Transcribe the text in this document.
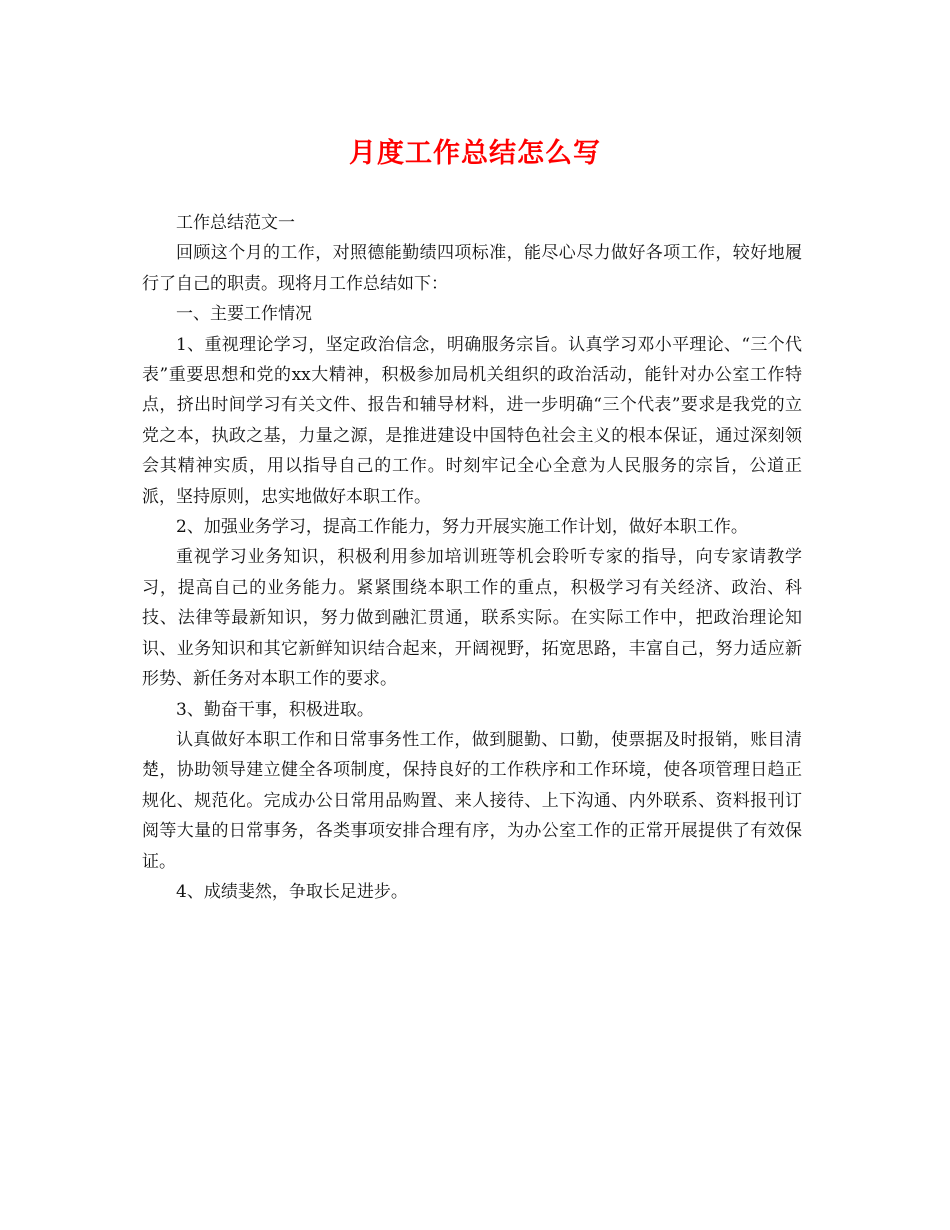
月度工作总结怎么写

工作总结范文一

回顾这个月的工作，对照德能勤绩四项标准，能尽心尽力做好各项工作，较好地履行了自己的职责。现将月工作总结如下：

一、主要工作情况

1、重视理论学习，坚定政治信念，明确服务宗旨。认真学习邓小平理论、“三个代表”重要思想和党的xx大精神，积极参加局机关组织的政治活动，能针对办公室工作特点，挤出时间学习有关文件、报告和辅导材料，进一步明确“三个代表”要求是我党的立党之本，执政之基，力量之源，是推进建设中国特色社会主义的根本保证，通过深刻领会其精神实质，用以指导自己的工作。时刻牢记全心全意为人民服务的宗旨，公道正派，坚持原则，忠实地做好本职工作。

2、加强业务学习，提高工作能力，努力开展实施工作计划，做好本职工作。

重视学习业务知识，积极利用参加培训班等机会聆听专家的指导，向专家请教学习，提高自己的业务能力。紧紧围绕本职工作的重点，积极学习有关经济、政治、科技、法律等最新知识，努力做到融汇贯通，联系实际。在实际工作中，把政治理论知识、业务知识和其它新鲜知识结合起来，开阔视野，拓宽思路，丰富自己，努力适应新形势、新任务对本职工作的要求。

3、勤奋干事，积极进取。

认真做好本职工作和日常事务性工作，做到腿勤、口勤，使票据及时报销，账目清楚，协助领导建立健全各项制度，保持良好的工作秩序和工作环境，使各项管理日趋正规化、规范化。完成办公日常用品购置、来人接待、上下沟通、内外联系、资料报刊订阅等大量的日常事务，各类事项安排合理有序，为办公室工作的正常开展提供了有效保证。

4、成绩斐然，争取长足进步。
